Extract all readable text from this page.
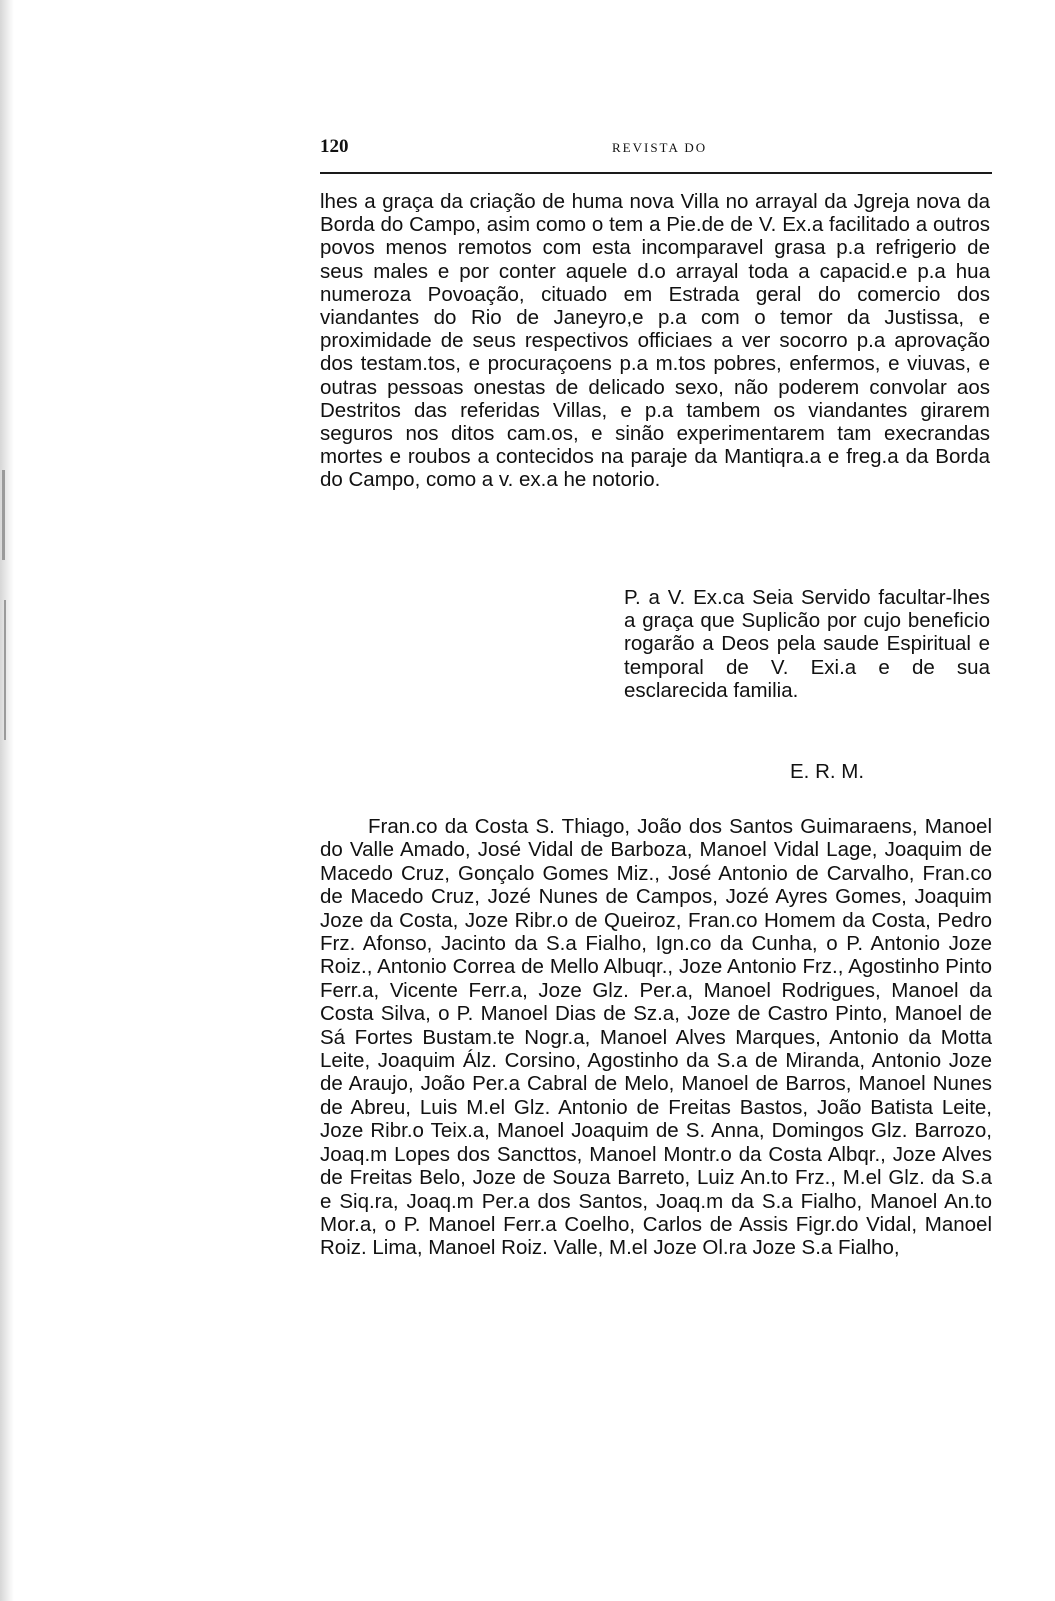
120	REVISTA DO

lhes a graça da criação de huma nova Villa no arrayal da Jgreja nova da Borda do Campo, asim como o tem a Pie.de de V. Ex.a facilitado a outros povos menos remotos com esta incomparavel grasa p.a refrigerio de seus males e por conter aquele d.o arrayal toda a capacid.e p.a hua numeroza Povoação, cituado em Estrada geral do comercio dos viandantes do Rio de Janeyro,e p.a com o temor da Justissa, e proximidade de seus respectivos officiaes a ver socorro p.a aprovação dos testam.tos, e procuraçoens p.a m.tos pobres, enfermos, e viuvas, e outras pessoas onestas de delicado sexo, não poderem convolar aos Destritos das referidas Villas, e p.a tambem os viandantes girarem seguros nos ditos cam.os, e sinão experimentarem tam execrandas mortes e roubos a contecidos na paraje da Mantiqra.a e freg.a da Borda do Campo, como a v. ex.a he notorio.

P. a V. Ex.ca Seia Servido facultar-lhes a graça que Suplicão por cujo beneficio rogarão a Deos pela saude Espiritual e temporal de V. Exi.a e de sua esclarecida familia.

E. R. M.

Fran.co da Costa S. Thiago, João dos Santos Guimaraens, Manoel do Valle Amado, José Vidal de Barboza, Manoel Vidal Lage, Joaquim de Macedo Cruz, Gonçalo Gomes Miz., José Antonio de Carvalho, Fran.co de Macedo Cruz, Jozé Nunes de Campos, Jozé Ayres Gomes, Joaquim Joze da Costa, Joze Ribr.o de Queiroz, Fran.co Homem da Costa, Pedro Frz. Afonso, Jacinto da S.a Fialho, Ign.co da Cunha, o P. Antonio Joze Roiz., Antonio Correa de Mello Albuqr., Joze Antonio Frz., Agostinho Pinto Ferr.a, Vicente Ferr.a, Joze Glz. Per.a, Manoel Rodrigues, Manoel da Costa Silva, o P. Manoel Dias de Sz.a, Joze de Castro Pinto, Manoel de Sá Fortes Bustam.te Nogr.a, Manoel Alves Marques, Antonio da Motta Leite, Joaquim Álz. Corsino, Agostinho da S.a de Miranda, Antonio Joze de Araujo, João Per.a Cabral de Melo, Manoel de Barros, Manoel Nunes de Abreu, Luis M.el Glz. Antonio de Freitas Bastos, João Batista Leite, Joze Ribr.o Teix.a, Manoel Joaquim de S. Anna, Domingos Glz. Barrozo, Joaq.m Lopes dos Sancttos, Manoel Montr.o da Costa Albqr., Joze Alves de Freitas Belo, Joze de Souza Barreto, Luiz An.to Frz., M.el Glz. da S.a e Siq.ra, Joaq.m Per.a dos Santos, Joaq.m da S.a Fialho, Manoel An.to Mor.a, o P. Manoel Ferr.a Coelho, Carlos de Assis Figr.do Vidal, Manoel Roiz. Lima, Manoel Roiz. Valle, M.el Joze Ol.ra Joze S.a Fialho,
